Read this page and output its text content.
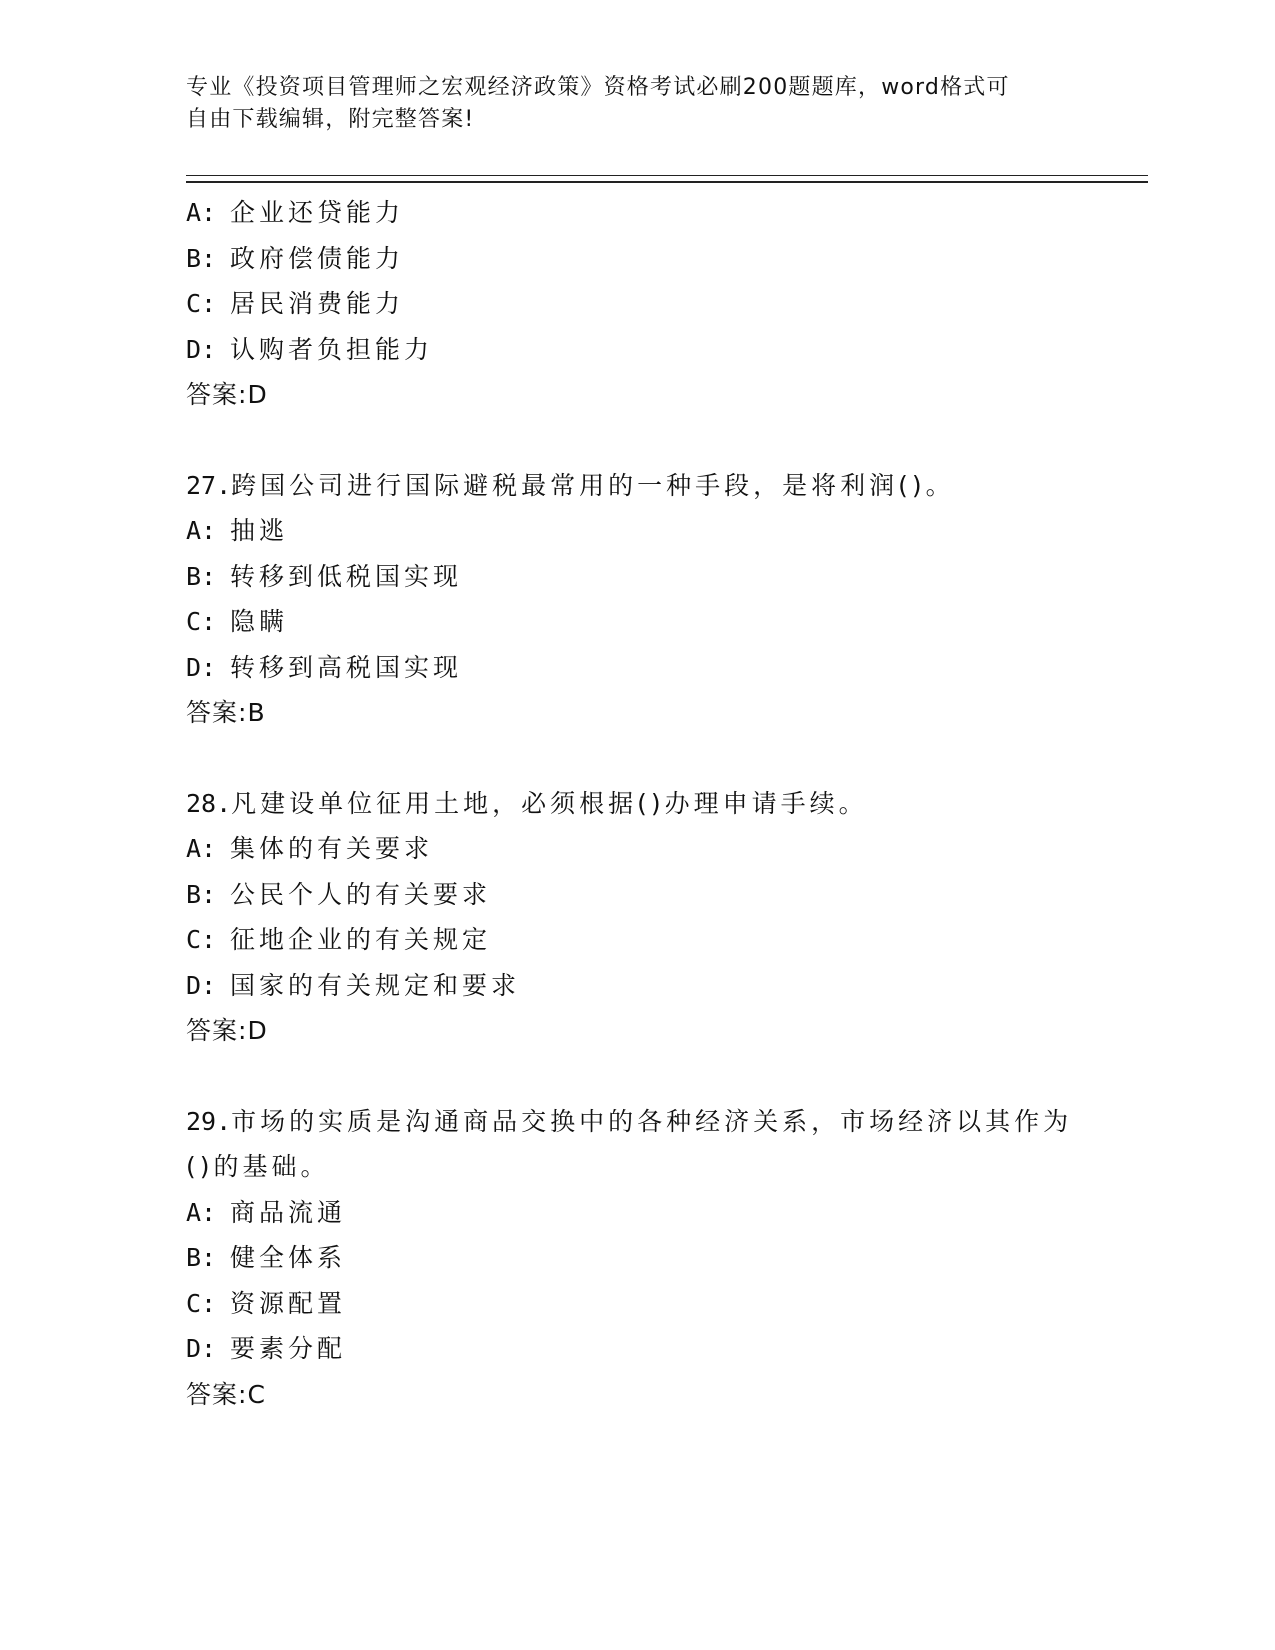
专业《投资项目管理师之宏观经济政策》资格考试必刷200题题库，word格式可
自由下载编辑，附完整答案!
A: 企业还贷能力
B: 政府偿债能力
C: 居民消费能力
D: 认购者负担能力
答案:D
27.跨国公司进行国际避税最常用的一种手段，是将利润()。
A: 抽逃
B: 转移到低税国实现
C: 隐瞒
D: 转移到高税国实现
答案:B
28.凡建设单位征用土地，必须根据()办理申请手续。
A: 集体的有关要求
B: 公民个人的有关要求
C: 征地企业的有关规定
D: 国家的有关规定和要求
答案:D
29.市场的实质是沟通商品交换中的各种经济关系，市场经济以其作为
()的基础。
A: 商品流通
B: 健全体系
C: 资源配置
D: 要素分配
答案:C
